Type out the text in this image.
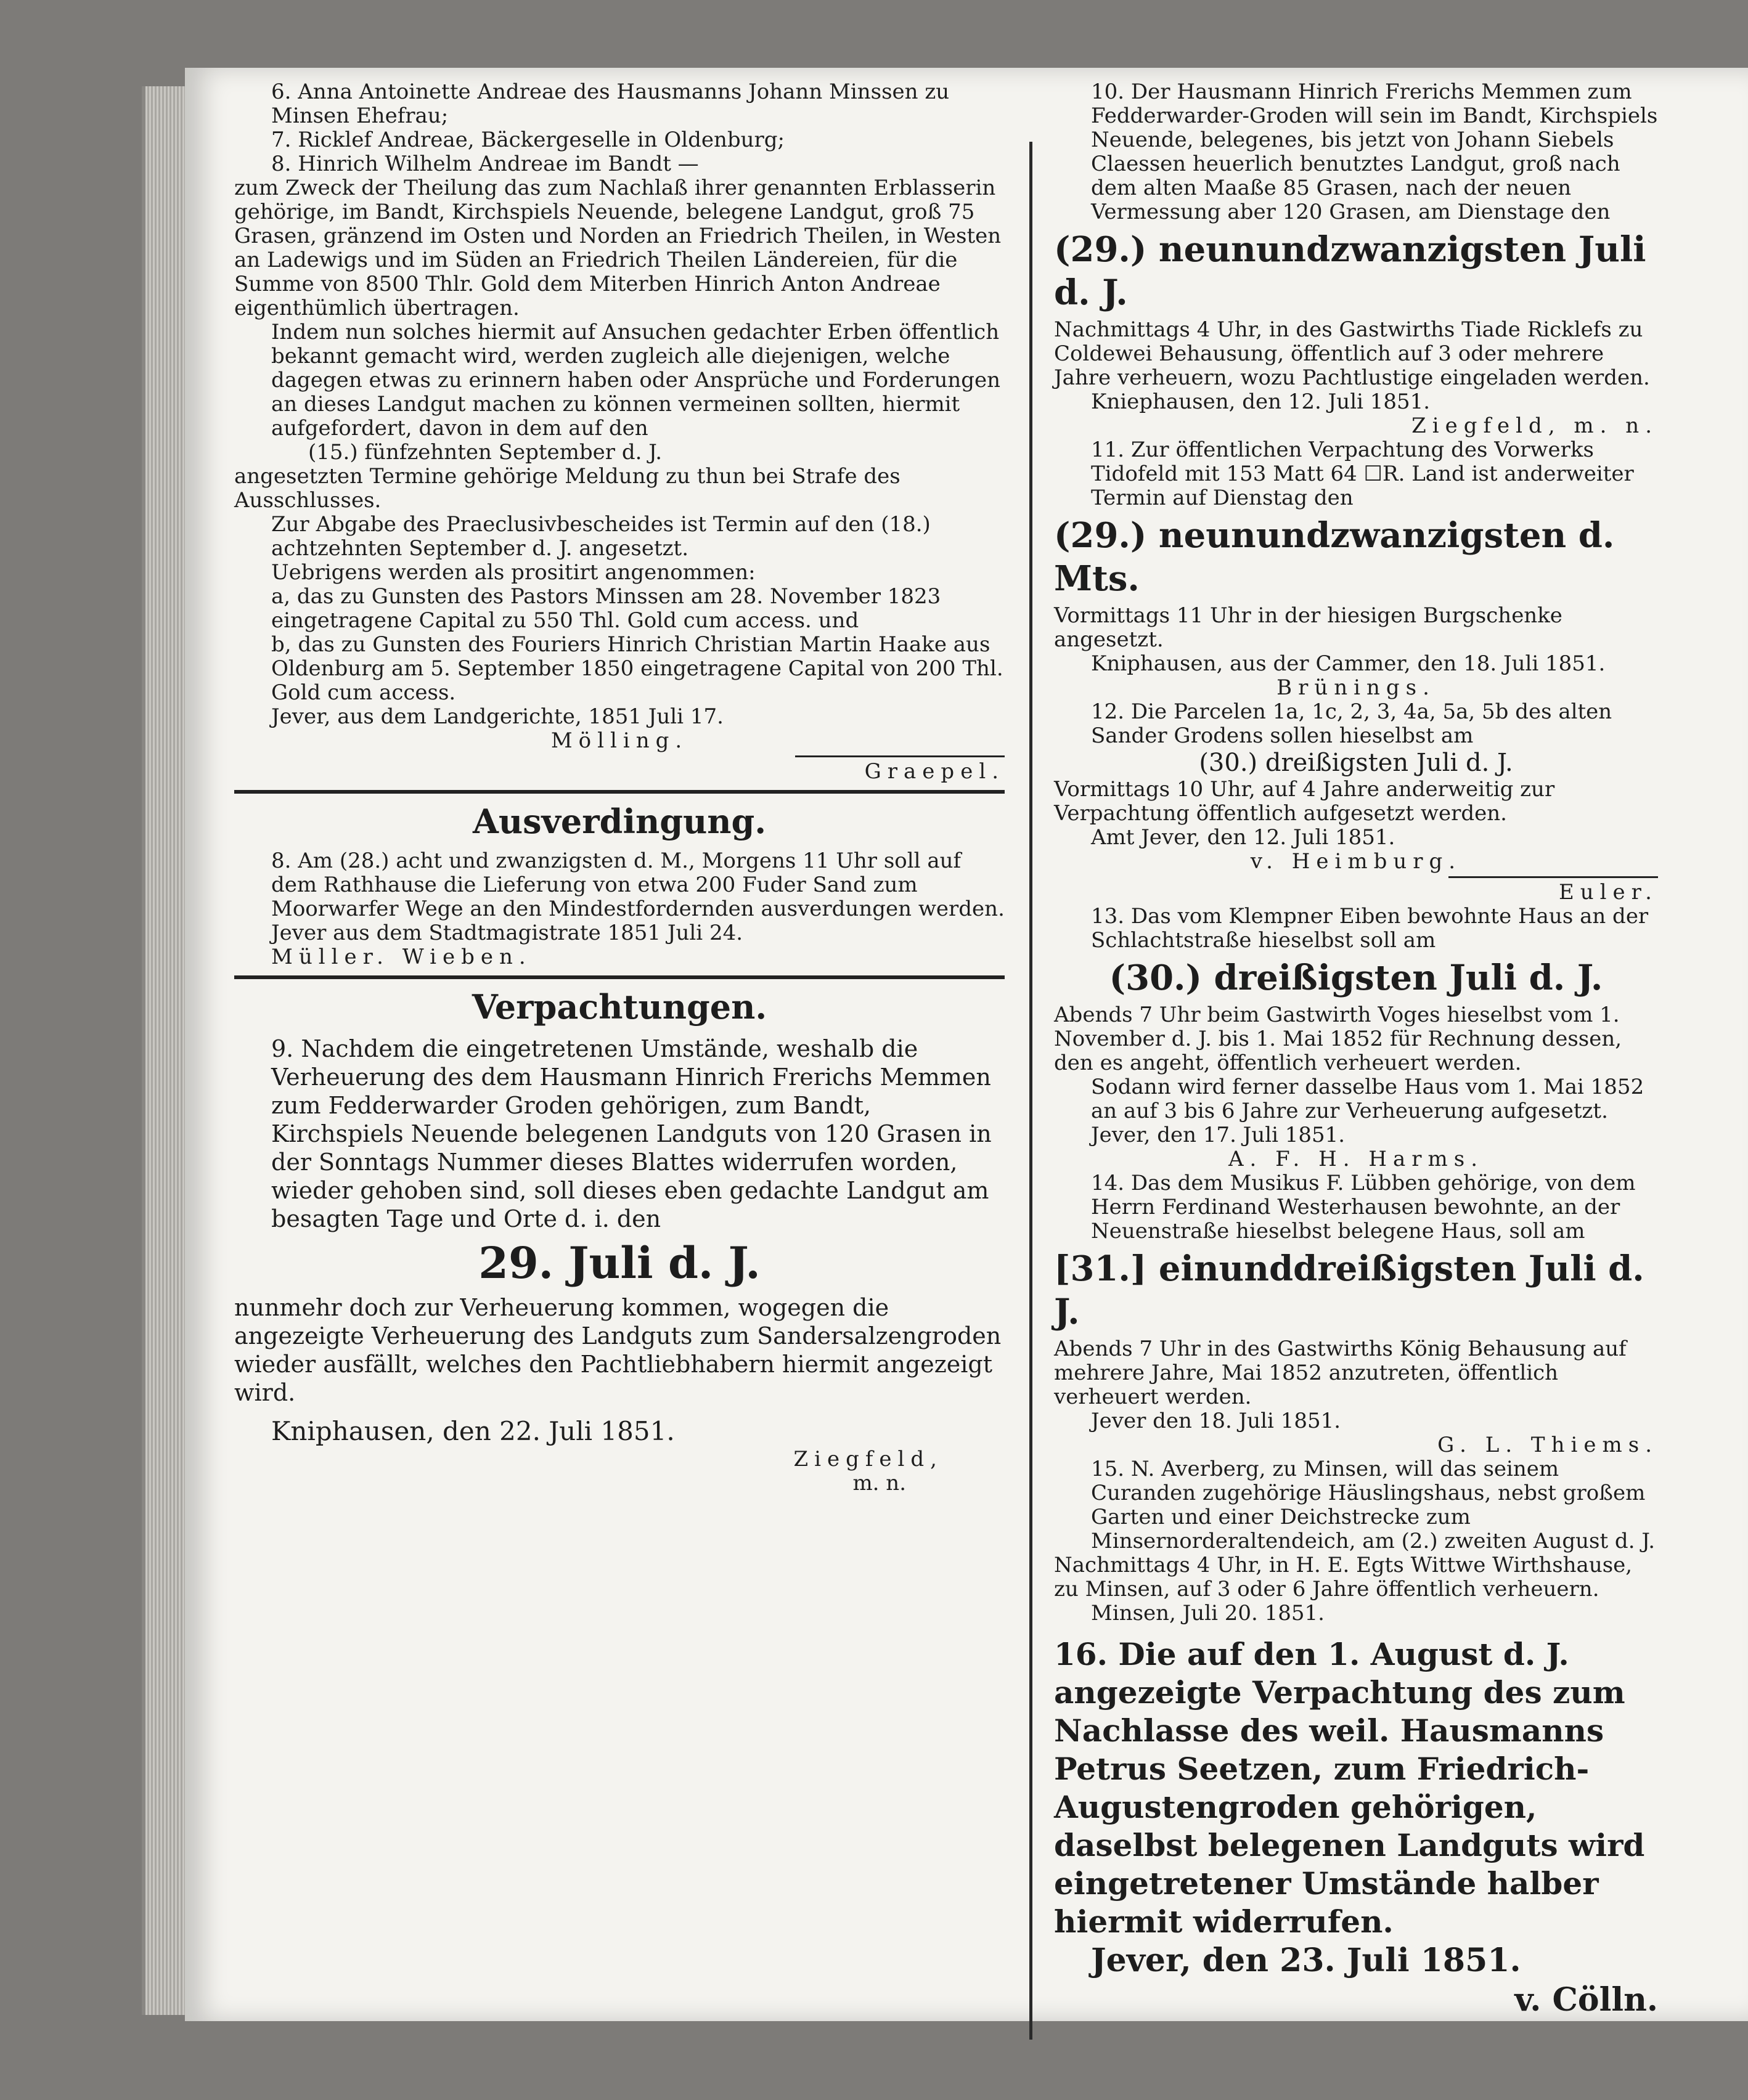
6. Anna Antoinette Andreae des Hausmanns Johann Minssen zu Minsen Ehefrau;

7. Ricklef Andreae, Bäckergeselle in Oldenburg;

8. Hinrich Wilhelm Andreae im Bandt —

zum Zweck der Theilung das zum Nachlaß ihrer genannten Erblasserin gehörige, im Bandt, Kirchspiels Neuende, belegene Landgut, groß 75 Grasen, gränzend im Osten und Norden an Friedrich Theilen, in Westen an Ladewigs und im Süden an Friedrich Theilen Ländereien, für die Summe von 8500 Thlr. Gold dem Miterben Hinrich Anton Andreae eigenthümlich übertragen.

Indem nun solches hiermit auf Ansuchen gedachter Erben öffentlich bekannt gemacht wird, werden zugleich alle diejenigen, welche dagegen etwas zu erinnern haben oder Ansprüche und Forderungen an dieses Landgut machen zu können vermeinen sollten, hiermit aufgefordert, davon in dem auf den

(15.) fünfzehnten September d. J.

angesetzten Termine gehörige Meldung zu thun bei Strafe des Ausschlusses.

Zur Abgabe des Praeclusivbescheides ist Termin auf den (18.) achtzehnten September d. J. angesetzt.

Uebrigens werden als prositirt angenommen:

a, das zu Gunsten des Pastors Minssen am 28. November 1823 eingetragene Capital zu 550 Thl. Gold cum access. und

b, das zu Gunsten des Fouriers Hinrich Christian Martin Haake aus Oldenburg am 5. September 1850 eingetragene Capital von 200 Thl. Gold cum access.

Jever, aus dem Landgerichte, 1851 Juli 17.

Mölling.

Graepel.

Ausverdingung.

8. Am (28.) acht und zwanzigsten d. M., Morgens 11 Uhr soll auf dem Rathhause die Lieferung von etwa 200 Fuder Sand zum Moorwarfer Wege an den Mindestfordernden ausverdungen werden.

Jever aus dem Stadtmagistrate 1851 Juli 24.

Müller. Wieben.

Verpachtungen.

9. Nachdem die eingetretenen Umstände, weshalb die Verheuerung des dem Hausmann Hinrich Frerichs Memmen zum Fedderwarder Groden gehörigen, zum Bandt, Kirchspiels Neuende belegenen Landguts von 120 Grasen in der Sonntags Nummer dieses Blattes widerrufen worden, wieder gehoben sind, soll dieses eben gedachte Landgut am besagten Tage und Orte d. i. den

29. Juli d. J.

nunmehr doch zur Verheuerung kommen, wogegen die angezeigte Verheuerung des Landguts zum Sandersalzengroden wieder ausfällt, welches den Pachtliebhabern hiermit angezeigt wird.

Kniphausen, den 22. Juli 1851.

Ziegfeld,

m. n.

10. Der Hausmann Hinrich Frerichs Memmen zum Fedderwarder-Groden will sein im Bandt, Kirchspiels Neuende, belegenes, bis jetzt von Johann Siebels Claessen heuerlich benutztes Landgut, groß nach dem alten Maaße 85 Grasen, nach der neuen Vermessung aber 120 Grasen, am Dienstage den

(29.) neunundzwanzigsten Juli d. J.

Nachmittags 4 Uhr, in des Gastwirths Tiade Ricklefs zu Coldewei Behausung, öffentlich auf 3 oder mehrere Jahre verheuern, wozu Pachtlustige eingeladen werden.

Kniephausen, den 12. Juli 1851.

Ziegfeld, m. n.

11. Zur öffentlichen Verpachtung des Vorwerks Tidofeld mit 153 Matt 64 ☐R. Land ist anderweiter Termin auf Dienstag den

(29.) neunundzwanzigsten d. Mts.

Vormittags 11 Uhr in der hiesigen Burgschenke angesetzt.

Kniphausen, aus der Cammer, den 18. Juli 1851.

Brünings.

12. Die Parcelen 1a, 1c, 2, 3, 4a, 5a, 5b des alten Sander Grodens sollen hieselbst am

(30.) dreißigsten Juli d. J.

Vormittags 10 Uhr, auf 4 Jahre anderweitig zur Verpachtung öffentlich aufgesetzt werden.

Amt Jever, den 12. Juli 1851.

v. Heimburg.

Euler.

13. Das vom Klempner Eiben bewohnte Haus an der Schlachtstraße hieselbst soll am

(30.) dreißigsten Juli d. J.

Abends 7 Uhr beim Gastwirth Voges hieselbst vom 1. November d. J. bis 1. Mai 1852 für Rechnung dessen, den es angeht, öffentlich verheuert werden.

Sodann wird ferner dasselbe Haus vom 1. Mai 1852 an auf 3 bis 6 Jahre zur Verheuerung aufgesetzt.

Jever, den 17. Juli 1851.

A. F. H. Harms.

14. Das dem Musikus F. Lübben gehörige, von dem Herrn Ferdinand Westerhausen bewohnte, an der Neuenstraße hieselbst belegene Haus, soll am

[31.] einunddreißigsten Juli d. J.

Abends 7 Uhr in des Gastwirths König Behausung auf mehrere Jahre, Mai 1852 anzutreten, öffentlich verheuert werden.

Jever den 18. Juli 1851.

G. L. Thiems.

15. N. Averberg, zu Minsen, will das seinem Curanden zugehörige Häuslingshaus, nebst großem Garten und einer Deichstrecke zum Minsernorderaltendeich, am (2.) zweiten August d. J.

Nachmittags 4 Uhr, in H. E. Egts Wittwe Wirthshause, zu Minsen, auf 3 oder 6 Jahre öffentlich verheuern.

Minsen, Juli 20. 1851.

16. Die auf den 1. August d. J. angezeigte Verpachtung des zum Nachlasse des weil. Hausmanns Petrus Seetzen, zum Friedrich-Augustengroden gehörigen, daselbst belegenen Landguts wird eingetretener Umstände halber hiermit widerrufen.

Jever, den 23. Juli 1851.

v. Cölln.
